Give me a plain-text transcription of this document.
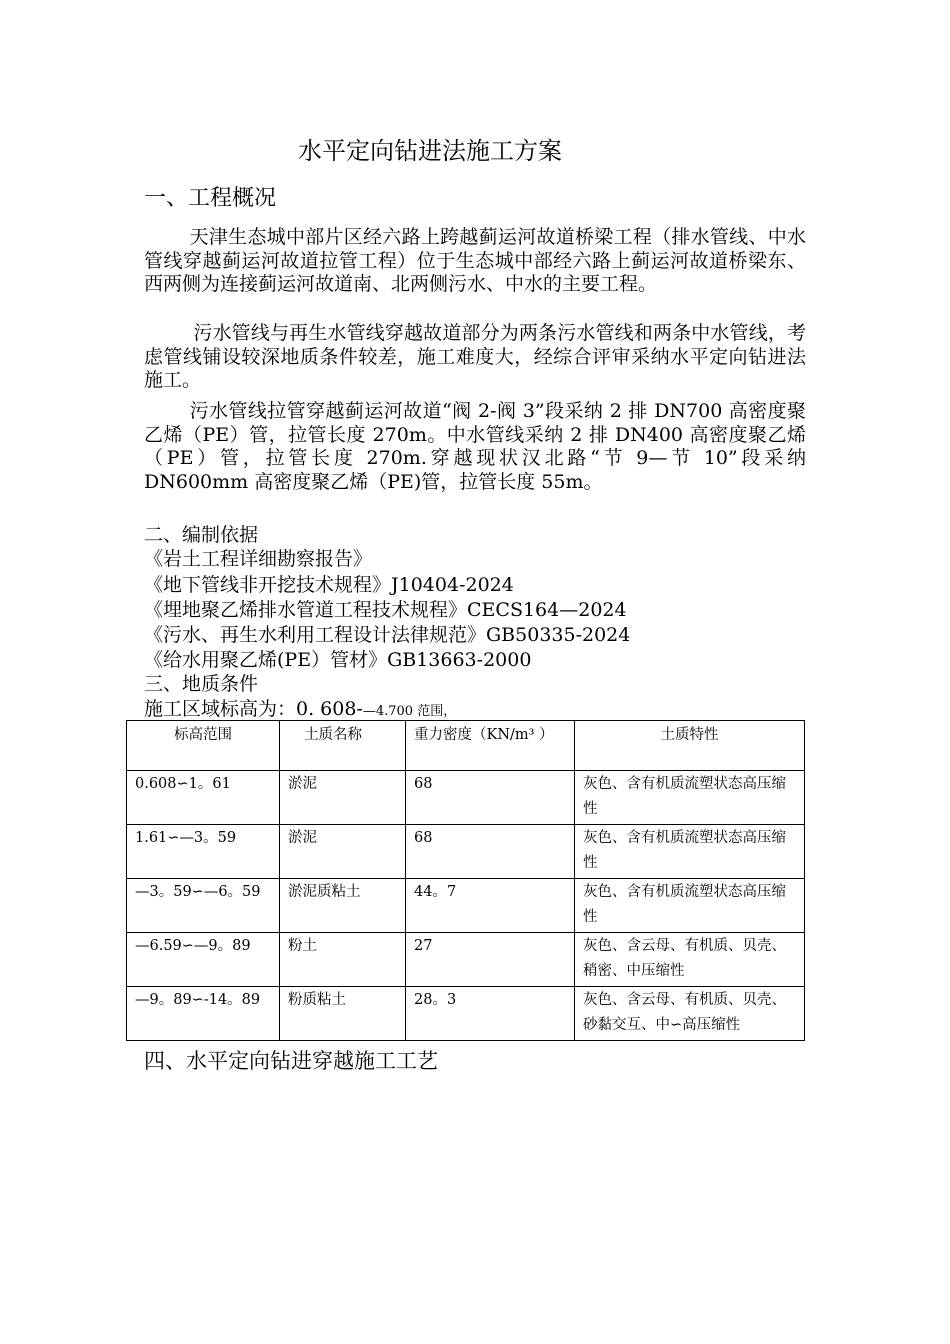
水平定向钻进法施工方案
一、工程概况
天津生态城中部片区经六路上跨越蓟运河故道桥梁工程（排水管线、中水管线穿越蓟运河故道拉管工程）位于生态城中部经六路上蓟运河故道桥梁东、西两侧为连接蓟运河故道南、北两侧污水、中水的主要工程。
污水管线与再生水管线穿越故道部分为两条污水管线和两条中水管线，考虑管线铺设较深地质条件较差，施工难度大，经综合评审采纳水平定向钻进法施工。
污水管线拉管穿越蓟运河故道“阀 2-阀 3”段采纳 2 排 DN700 高密度聚乙烯（PE）管，拉管长度 270m。中水管线采纳 2 排 DN400 高密度聚乙烯（PE）管，拉管长度 270m.穿越现状汉北路“节 9—节 10”段采纳 DN600mm 高密度聚乙烯（PE)管，拉管长度 55m。
二、编制依据
《岩土工程详细勘察报告》
《地下管线非开挖技术规程》J10404-2024
《埋地聚乙烯排水管道工程技术规程》CECS164—2024
《污水、再生水利用工程设计法律规范》GB50335-2024
《给水用聚乙烯(PE）管材》GB13663-2000
三、地质条件
施工区域标高为：0. 608-—4.700 范围，
标高范围	土质名称	重力密度（KN/m³ ）	土质特性
0.608∽1。61	淤泥	68	灰色、含有机质流塑状态高压缩性
1.61∽—3。59	淤泥	68	灰色、含有机质流塑状态高压缩性
—3。59∽—6。59	淤泥质粘土	44。7	灰色、含有机质流塑状态高压缩性
—6.59∽—9。89	粉土	27	灰色、含云母、有机质、贝壳、稍密、中压缩性
—9。89∽-14。89	粉质粘土	28。3	灰色、含云母、有机质、贝壳、砂黏交互、中∽高压缩性
四、水平定向钻进穿越施工工艺
